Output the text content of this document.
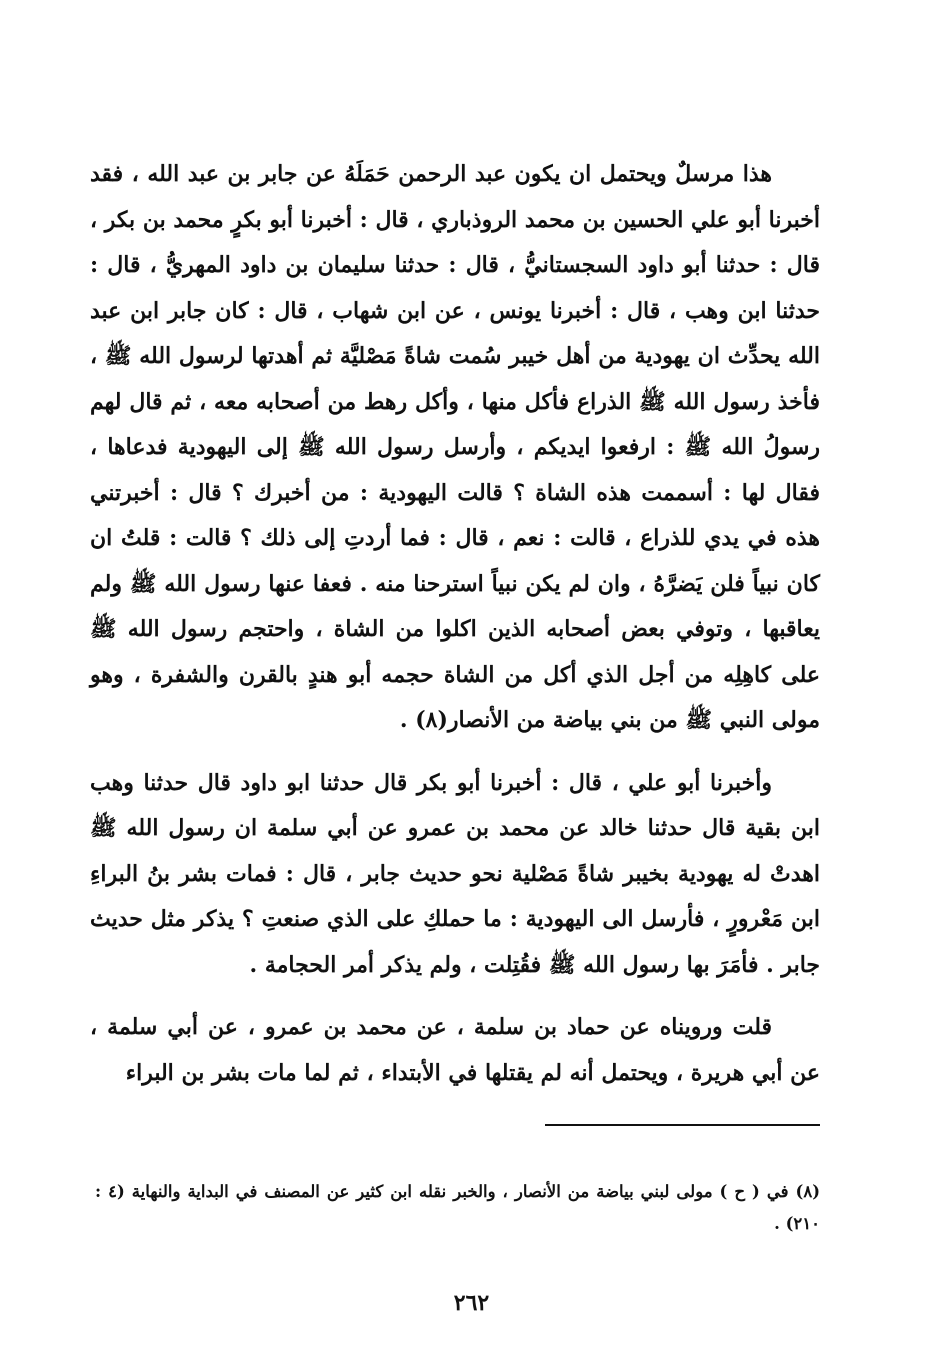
هذا مرسلٌ ويحتمل ان يكون عبد الرحمن حَمَلَهُ عن جابر بن عبد الله ، فقد أخبرنا أبو علي الحسين بن محمد الروذباري ، قال : أخبرنا أبو بكرٍ محمد بن بكر ، قال : حدثنا أبو داود السجستانيُّ ، قال : حدثنا سليمان بن داود المهريُّ ، قال : حدثنا ابن وهب ، قال : أخبرنا يونس ، عن ابن شهاب ، قال : كان جابر ابن عبد الله يحدِّث ان يهودية من أهل خيبر سُمت شاةً مَصْليَّة ثم أهدتها لرسول الله ﷺ ، فأخذ رسول الله ﷺ الذراع فأكل منها ، وأكل رهط من أصحابه معه ، ثم قال لهم رسولُ الله ﷺ : ارفعوا ايديكم ، وأرسل رسول الله ﷺ إلى اليهودية فدعاها ، فقال لها : أسممت هذه الشاة ؟ قالت اليهودية : من أخبرك ؟ قال : أخبرتني هذه في يدي للذراع ، قالت : نعم ، قال : فما أردتِ إلى ذلك ؟ قالت : قلتُ ان كان نبياً فلن يَضرَّهُ ، وان لم يكن نبياً استرحنا منه . فعفا عنها رسول الله ﷺ ولم يعاقبها ، وتوفي بعض أصحابه الذين اكلوا من الشاة ، واحتجم رسول الله ﷺ على كاهِلِه من أجل الذي أكل من الشاة حجمه أبو هندٍ بالقرن والشفرة ، وهو مولى النبي ﷺ من بني بياضة من الأنصار(٨) .

وأخبرنا أبو علي ، قال : أخبرنا أبو بكر قال حدثنا ابو داود قال حدثنا وهب ابن بقية قال حدثنا خالد عن محمد بن عمرو عن أبي سلمة ان رسول الله ﷺ اهدتْ له يهودية بخيبر شاةً مَصْلية نحو حديث جابر ، قال : فمات بشر بنُ البراءِ ابن مَعْرورٍ ، فأرسل الى اليهودية : ما حملكِ على الذي صنعتِ ؟ يذكر مثل حديث جابر . فأمَرَ بها رسول الله ﷺ فقُتِلت ، ولم يذكر أمر الحجامة .

قلت ورويناه عن حماد بن سلمة ، عن محمد بن عمرو ، عن أبي سلمة ، عن أبي هريرة ، ويحتمل أنه لم يقتلها في الأبتداء ، ثم لما مات بشر بن البراء

(٨) في ( ح ) مولى لبني بياضة من الأنصار ، والخبر نقله ابن كثير عن المصنف في البداية والنهاية (٤ : ٢١٠) .
٢٦٢
